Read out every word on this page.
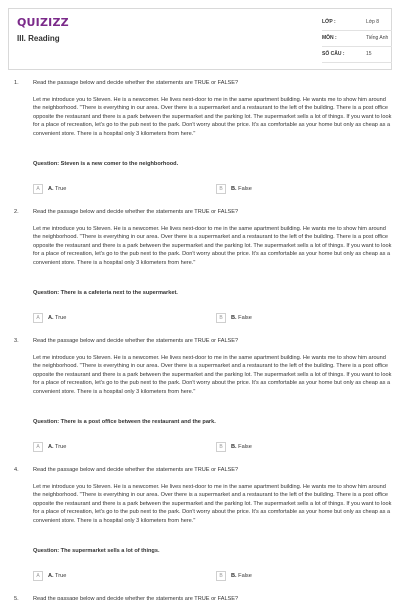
QUIZIZZ
III. Reading
LỚP :	Lớp 8
MÔN :	Tiếng Anh
SỐ CÂU :	15
1.	Read the passage below and decide whether the statements are TRUE or FALSE?
Let me introduce you to Steven. He is a newcomer. He lives next-door to me in the same apartment building. He wants me to show him around the neighborhood. "There is everything in our area. Over there is a supermarket and a restaurant to the left of the building. There is a post office opposite the restaurant and there is a park between the supermarket and the parking lot. The supermarket sells a lot of things. If you want to look for a place of recreation, let's go to the pub next to the park. Don't worry about the price. It's as comfortable as your home but only as cheap as a convenient store. There is a hospital only 3 kilometers from here."
Question: Steven is a new comer to the neighborhood.
A A. True	B B. False
2.	Read the passage below and decide whether the statements are TRUE or FALSE?
Let me introduce you to Steven. He is a newcomer. He lives next-door to me in the same apartment building. He wants me to show him around the neighborhood. "There is everything in our area. Over there is a supermarket and a restaurant to the left of the building. There is a post office opposite the restaurant and there is a park between the supermarket and the parking lot. The supermarket sells a lot of things. If you want to look for a place of recreation, let's go to the pub next to the park. Don't worry about the price. It's as comfortable as your home but only as cheap as a convenient store. There is a hospital only 3 kilometers from here."
Question: There is a cafeteria next to the supermarket.
A A. True	B B. False
3.	Read the passage below and decide whether the statements are TRUE or FALSE?
Let me introduce you to Steven. He is a newcomer. He lives next-door to me in the same apartment building. He wants me to show him around the neighborhood. "There is everything in our area. Over there is a supermarket and a restaurant to the left of the building. There is a post office opposite the restaurant and there is a park between the supermarket and the parking lot. The supermarket sells a lot of things. If you want to look for a place of recreation, let's go to the pub next to the park. Don't worry about the price. It's as comfortable as your home but only as cheap as a convenient store. There is a hospital only 3 kilometers from here."
Question: There is a post office between the restaurant and the park.
A A. True	B B. False
4.	Read the passage below and decide whether the statements are TRUE or FALSE?
Let me introduce you to Steven. He is a newcomer. He lives next-door to me in the same apartment building. He wants me to show him around the neighborhood. "There is everything in our area. Over there is a supermarket and a restaurant to the left of the building. There is a post office opposite the restaurant and there is a park between the supermarket and the parking lot. The supermarket sells a lot of things. If you want to look for a place of recreation, let's go to the pub next to the park. Don't worry about the price. It's as comfortable as your home but only as cheap as a convenient store. There is a hospital only 3 kilometers from here."
Question: The supermarket sells a lot of things.
A A. True	B B. False
5.	Read the passage below and decide whether the statements are TRUE or FALSE?
